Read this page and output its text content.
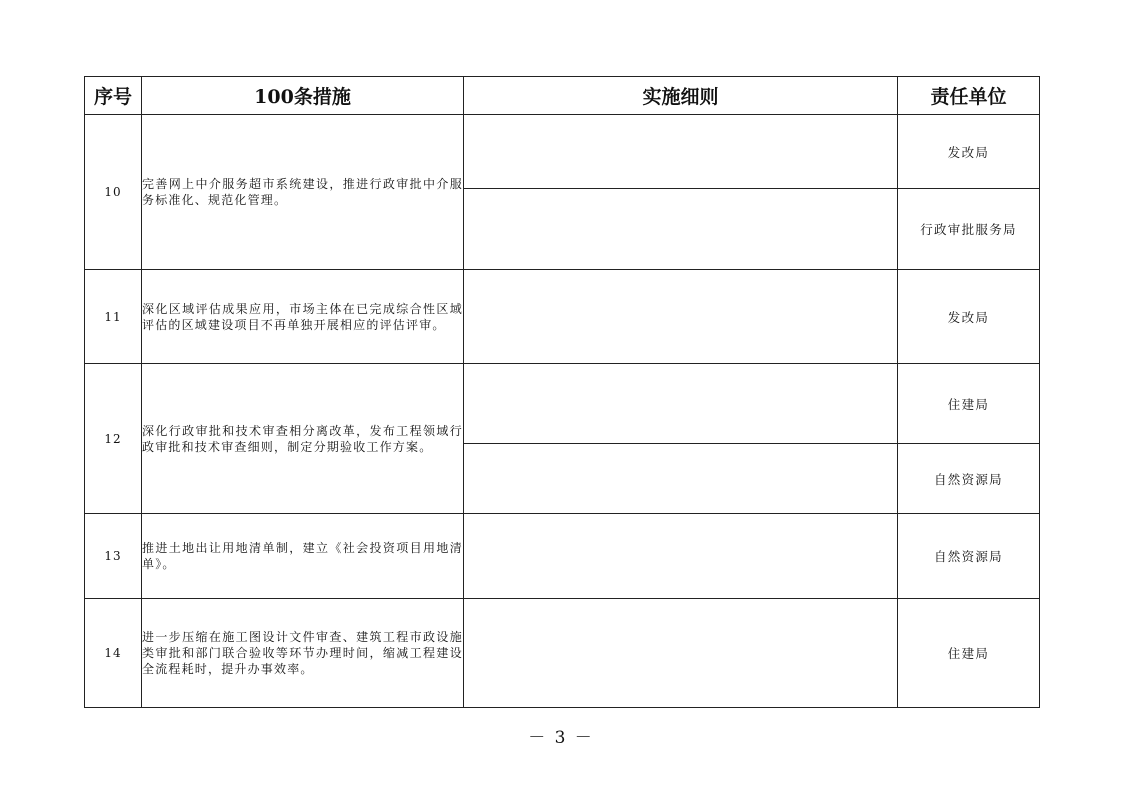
序号	100条措施	实施细则	责任单位
10	完善网上中介服务超市系统建设，推进行政审批中介服务标准化、规范化管理。		发改局
			行政审批服务局
11	深化区域评估成果应用，市场主体在已完成综合性区域评估的区域建设项目不再单独开展相应的评估评审。		发改局
12	深化行政审批和技术审查相分离改革，发布工程领域行政审批和技术审查细则，制定分期验收工作方案。		住建局
			自然资源局
13	推进土地出让用地清单制，建立《社会投资项目用地清单》。		自然资源局
14	进一步压缩在施工图设计文件审查、建筑工程市政设施类审批和部门联合验收等环节办理时间，缩减工程建设全流程耗时，提升办事效率。		住建局
－ 3 －
